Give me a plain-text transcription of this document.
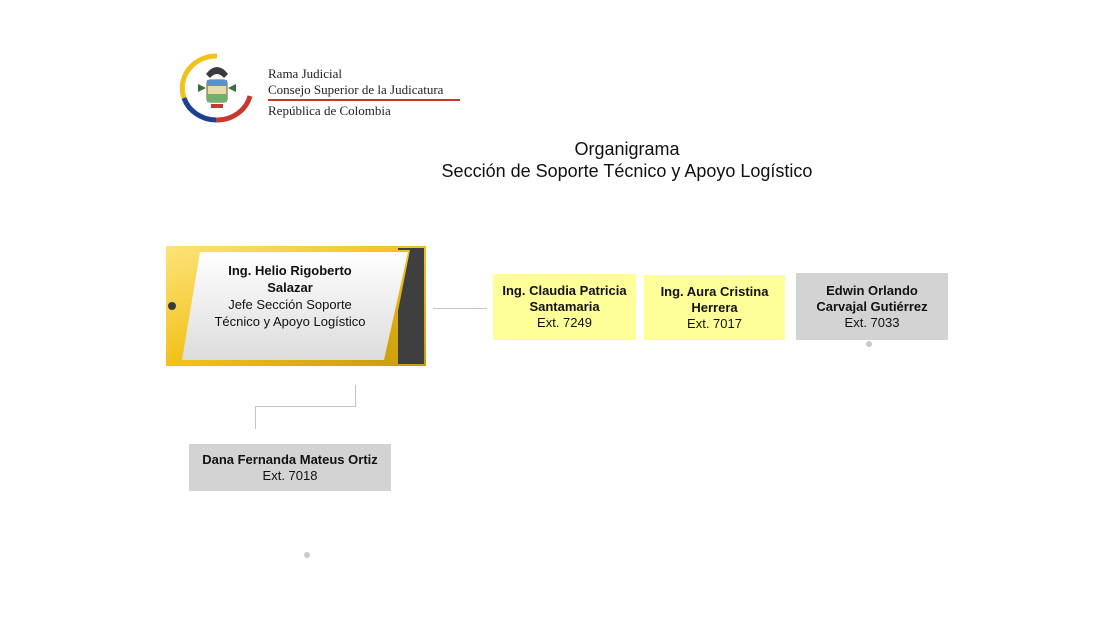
Rama Judicial
Consejo Superior de la Judicatura
República de Colombia
Organigrama
Sección de Soporte Técnico y Apoyo Logístico
Ing. Helio Rigoberto Salazar
Jefe Sección Soporte Técnico y Apoyo Logístico
Ing. Claudia Patricia Santamaria
Ext. 7249
Ing. Aura Cristina Herrera
Ext. 7017
Edwin Orlando Carvajal Gutiérrez
Ext. 7033
Dana Fernanda Mateus Ortiz
Ext. 7018
